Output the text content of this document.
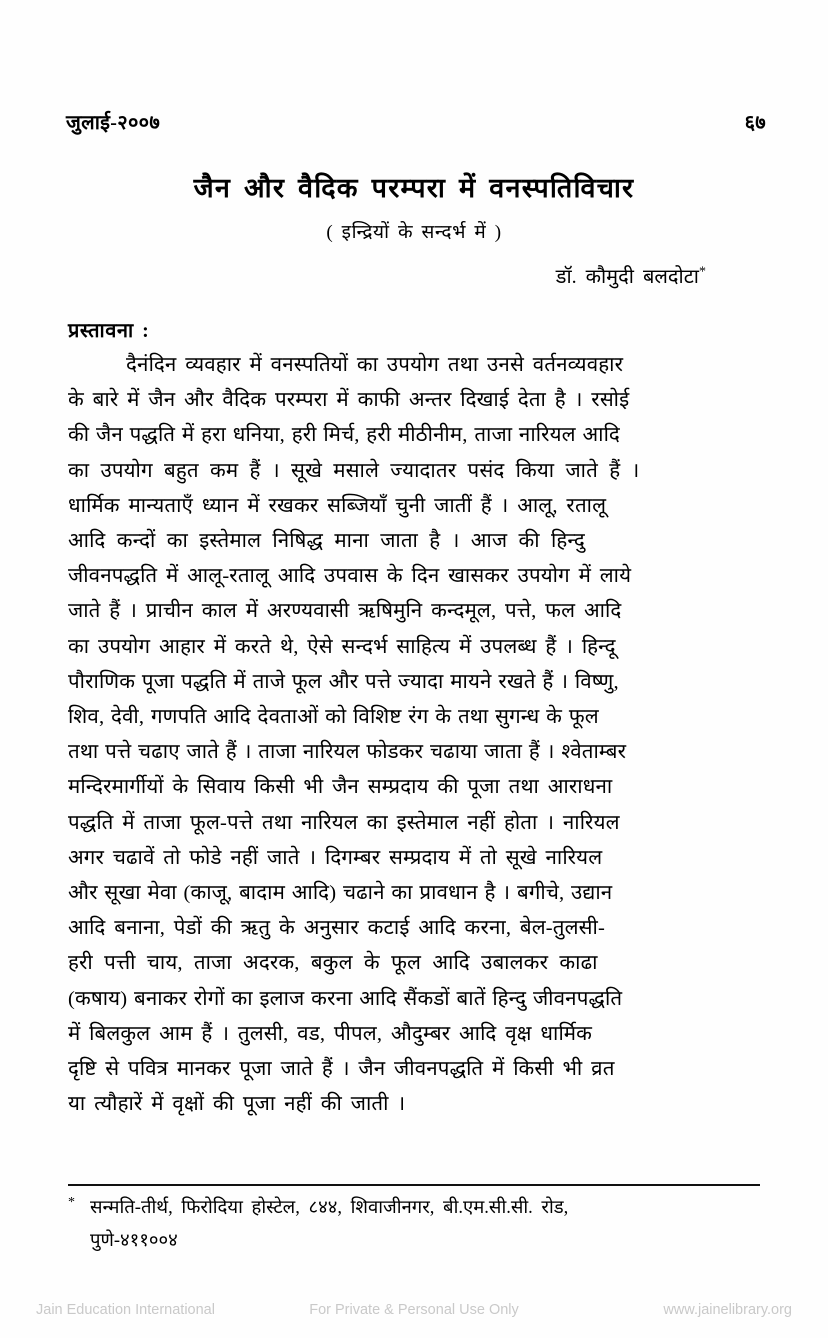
जुलाई-२००७	६७
जैन और वैदिक परम्परा में वनस्पतिविचार
( इन्द्रियों के सन्दर्भ में )
डॉ. कौमुदी बलदोटा*
प्रस्तावना :
दैनंदिन व्यवहार में वनस्पतियों का उपयोग तथा उनसे वर्तनव्यवहार
के बारे में जैन और वैदिक परम्परा में काफी अन्तर दिखाई देता है । रसोई
की जैन पद्धति में हरा धनिया, हरी मिर्च, हरी मीठीनीम, ताजा नारियल आदि
का उपयोग बहुत कम हैं । सूखे मसाले ज्यादातर पसंद किया जाते हैं ।
धार्मिक मान्यताएँ ध्यान में रखकर सब्जियाँ चुनी जातीं हैं । आलू, रतालू
आदि कन्दों का इस्तेमाल निषिद्ध माना जाता है । आज की हिन्दु
जीवनपद्धति में आलू-रतालू आदि उपवास के दिन खासकर उपयोग में लाये
जाते हैं । प्राचीन काल में अरण्यवासी ऋषिमुनि कन्दमूल, पत्ते, फल आदि
का उपयोग आहार में करते थे, ऐसे सन्दर्भ साहित्य में उपलब्ध हैं । हिन्दू
पौराणिक पूजा पद्धति में ताजे फूल और पत्ते ज्यादा मायने रखते हैं । विष्णु,
शिव, देवी, गणपति आदि देवताओं को विशिष्ट रंग के तथा सुगन्ध के फूल
तथा पत्ते चढाए जाते हैं । ताजा नारियल फोडकर चढाया जाता हैं । श्वेताम्बर
मन्दिरमार्गीयों के सिवाय किसी भी जैन सम्प्रदाय की पूजा तथा आराधना
पद्धति में ताजा फूल-पत्ते तथा नारियल का इस्तेमाल नहीं होता । नारियल
अगर चढावें तो फोडे नहीं जाते । दिगम्बर सम्प्रदाय में तो सूखे नारियल
और सूखा मेवा (काजू, बादाम आदि) चढाने का प्रावधान है । बगीचे, उद्यान
आदि बनाना, पेडों की ऋतु के अनुसार कटाई आदि करना, बेल-तुलसी-
हरी पत्ती चाय, ताजा अदरक, बकुल के फूल आदि उबालकर काढा
(कषाय) बनाकर रोगों का इलाज करना आदि सैंकडों बातें हिन्दु जीवनपद्धति
में बिलकुल आम हैं । तुलसी, वड, पीपल, औदुम्बर आदि वृक्ष धार्मिक
दृष्टि से पवित्र मानकर पूजा जाते हैं । जैन जीवनपद्धति में किसी भी व्रत
या त्यौहारें में वृक्षों की पूजा नहीं की जाती ।
* सन्मति-तीर्थ, फिरोदिया होस्टेल, ८४४, शिवाजीनगर, बी.एम.सी.सी. रोड,
पुणे-४११००४
Jain Education International	For Private & Personal Use Only	www.jainelibrary.org
